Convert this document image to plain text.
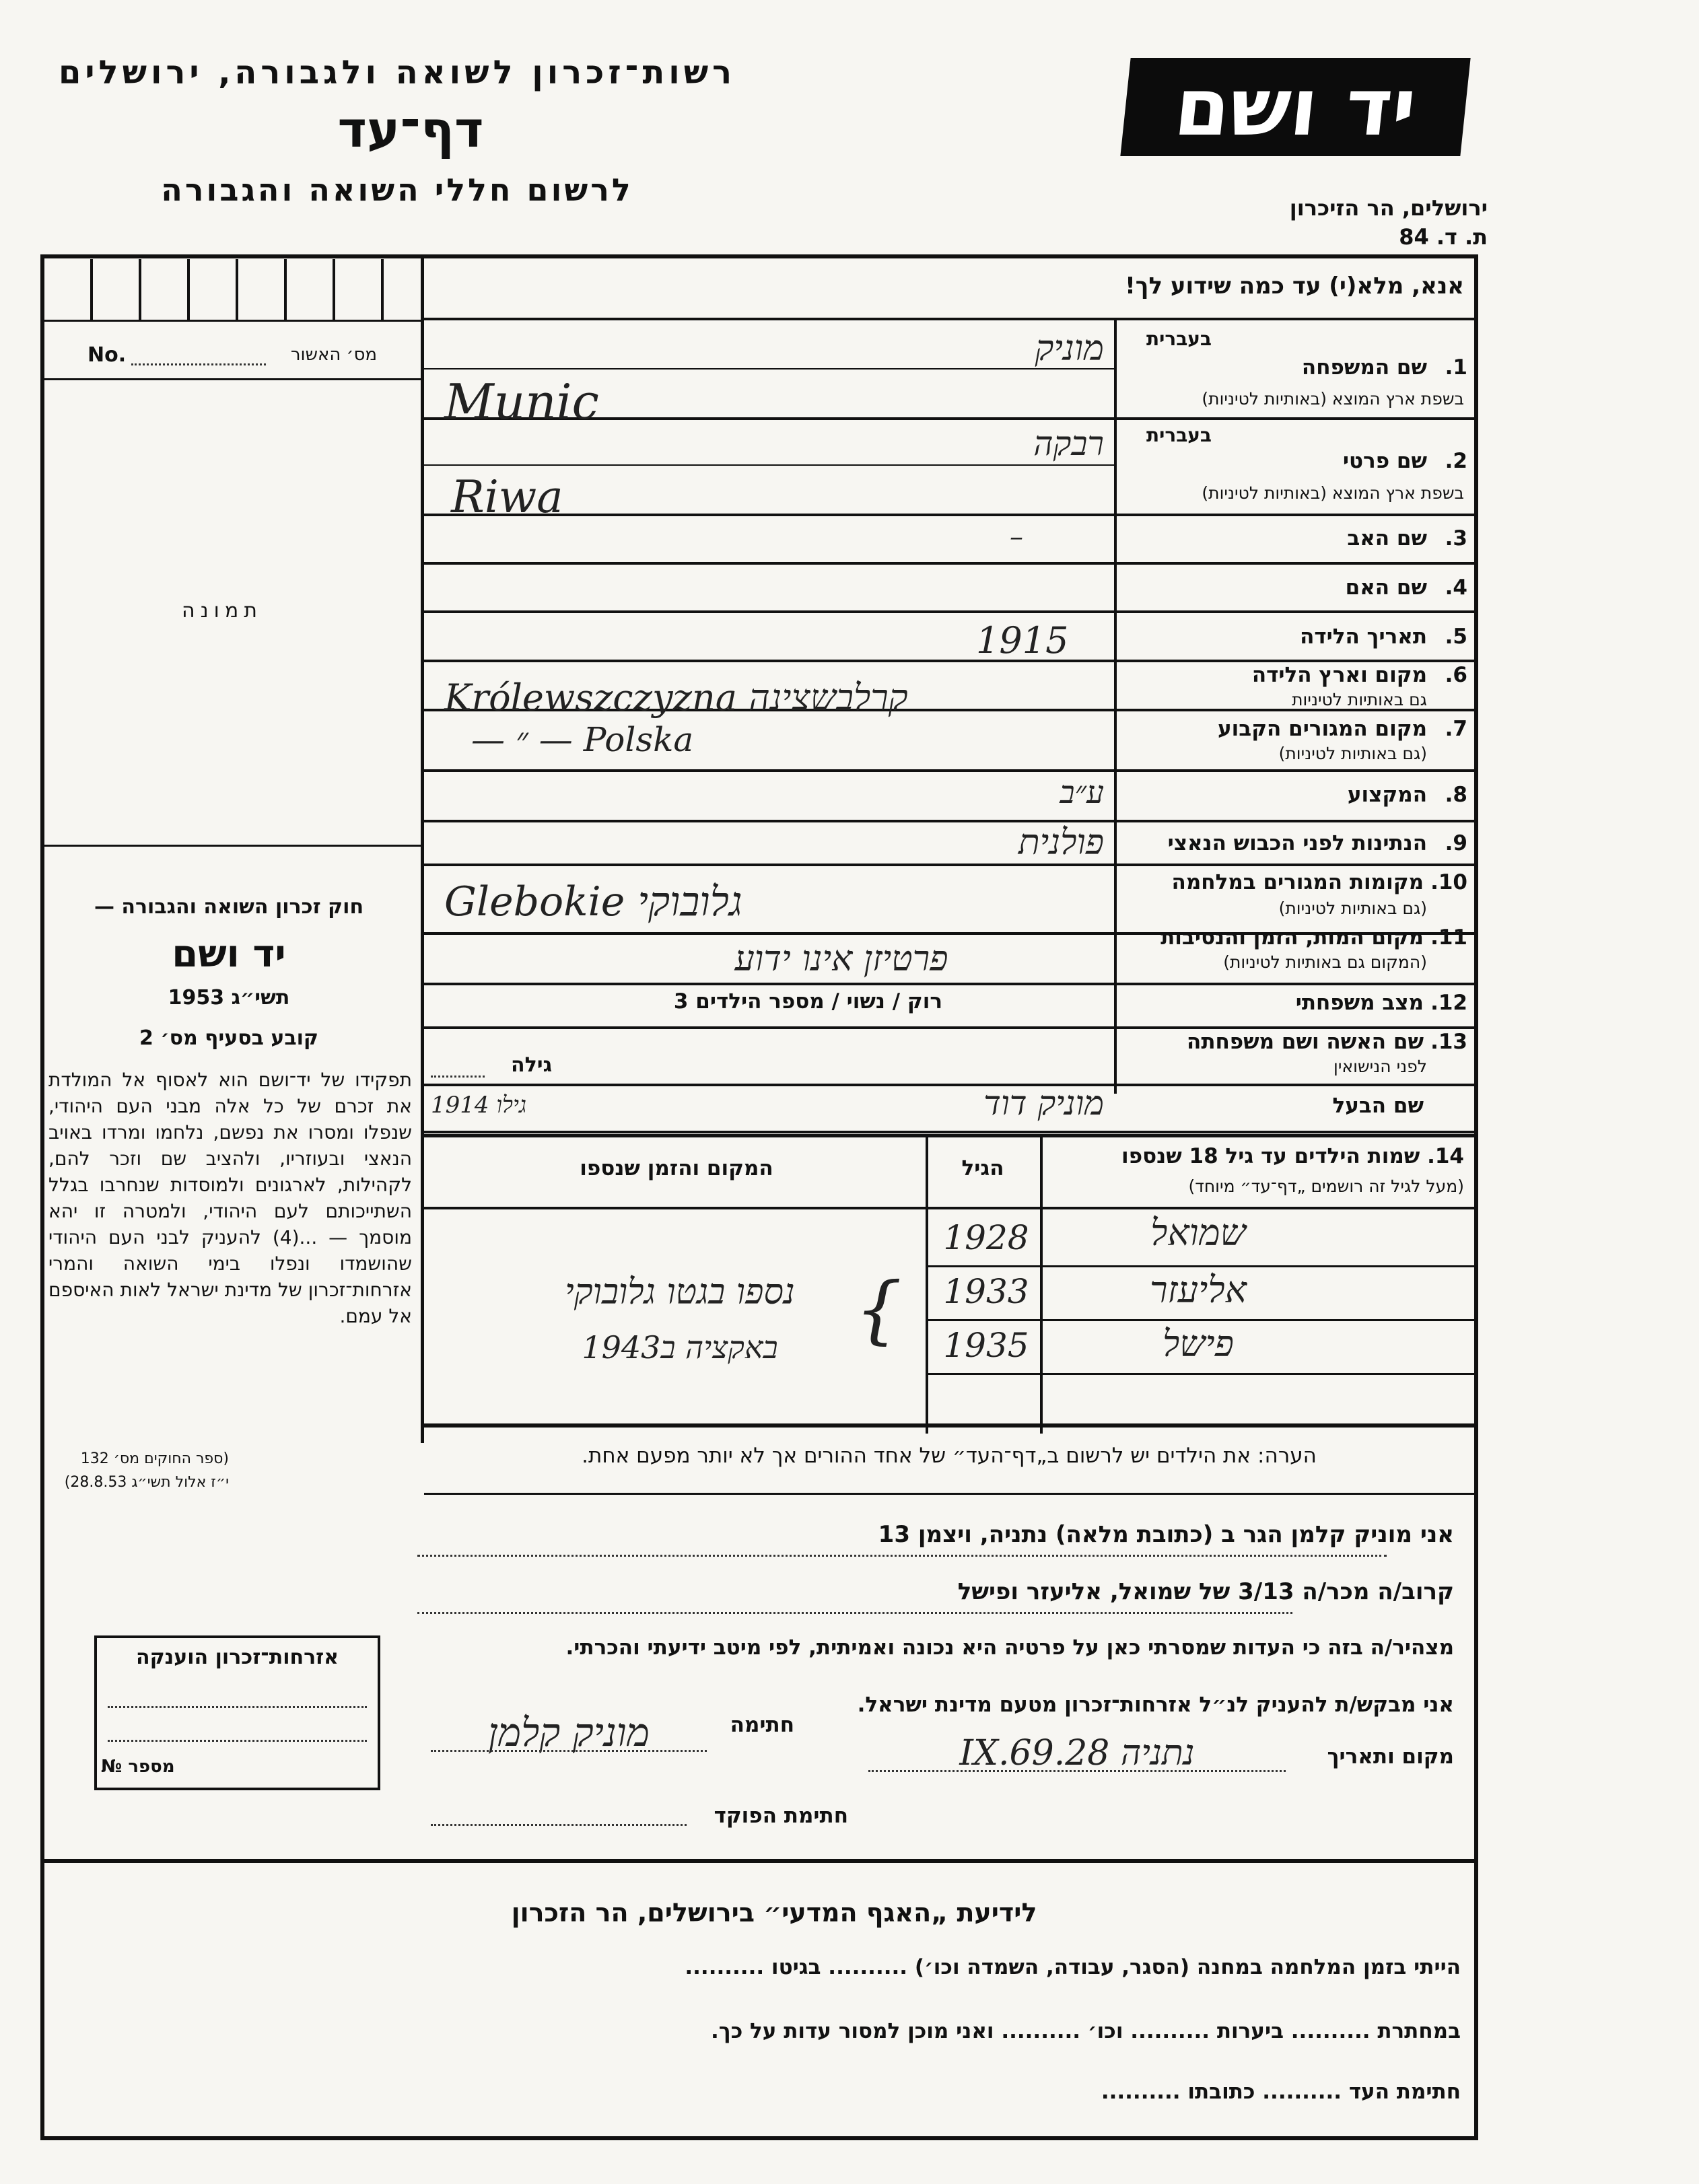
רשות־זכרון לשואה ולגבורה, ירושלים
דף־עד
לרשום חללי השואה והגבורה
יד ושם
ירושלים, הר הזיכרון
ת. ד. 84
אנא, מלא(י) עד כמה שידוע לך!
No.	מס׳ האשור
תמונה
חוק זכרון השואה והגבורה —
יד ושם
תשי״ג 1953
קובע בסעיף מס׳ 2
תפקידו של יד־ושם הוא לאסוף אל המולדת את זכרם של כל אלה מבני העם היהודי, שנפלו ומסרו את נפשם, נלחמו ומרדו באויב הנאצי ובעוזריו, ולהציב שם וזכר להם, לקהילות, לארגונים ולמוסדות שנחרבו בגלל השתייכותם לעם היהודי, ולמטרה זו יהא מוסמך — ...(4) להעניק לבני העם היהודי שהושמדו ונפלו בימי השואה והמרי אזרחות־זכרון של מדינת ישראל לאות האיספם אל עמם.
(ספר החוקים מס׳ 132
י״ז אלול תשי״ג 28.8.53)
בעברית
1.
שם המשפחה
בשפת ארץ המוצא (באותיות לטיניות)
מוניק
Munic
בעברית
2.
שם פרטי
בשפת ארץ המוצא (באותיות לטיניות)
רבקה
Riwa
3.
שם האב
–
4.
שם האם
5.
תאריך הלידה
1915
6.
מקום וארץ הלידה
גם באותיות לטיניות
Królewszczyzna קרלבשצינה
7.
מקום המגורים הקבוע
(גם באותיות לטיניות)
— ״ — Polska
8.
המקצוע
ע״ב
9.
הנתינות לפני הכבוש הנאצי
פולנית
10.
מקומות המגורים במלחמה
(גם באותיות לטיניות)
Glebokie גלובוקי
11.
מקום המות, הזמן והנסיבות
(המקום גם באותיות לטיניות)
פרטיזן אינו ידוע
12.
מצב משפחתי
רוק / נשוי / מספר הילדים 3
13.
שם האשה ושם משפחתה
לפני הנישואין
גילה
שם הבעל
מוניק דוד
גילו 1914
14. שמות הילדים עד גיל 18 שנספו
(מעל לגיל זה רושמים „דף־עד״ מיוחד)
הגיל
המקום והזמן שנספו
שמואל
1928
אליעזר
1933
פישל
1935
נספו בגטו גלובוקי
באקציה ב1943	{
הערה: את הילדים יש לרשום ב„דף־העד״ של אחד ההורים אך לא יותר מפעם אחת.
אני מוניק קלמן הגר ב (כתובת מלאה) נתניה, ויצמן 13
קרוב/ה מכר/ה 3/13 של שמואל, אליעזר ופישל
מצהיר/ה בזה כי העדות שמסרתי כאן על פרטיה היא נכונה ואמיתית, לפי מיטב ידיעתי והכרתי.
אני מבקש/ת להעניק לנ״ל אזרחות־זכרון מטעם מדינת ישראל.
מקום ותאריך
נתניה 28.IX.69
חתימה
מוניק קלמן
חתימת הפוקד
אזרחות־זכרון הוענקה
מספר №
לידיעת „האגף המדעי״ בירושלים, הר הזכרון
הייתי בזמן המלחמה במחנה (הסגר, עבודה, השמדה וכו׳) .......... בגיטו ..........
במחתרת .......... ביערות .......... וכו׳ .......... ואני מוכן למסור עדות על כך.
חתימת העד .......... כתובתו ..........
